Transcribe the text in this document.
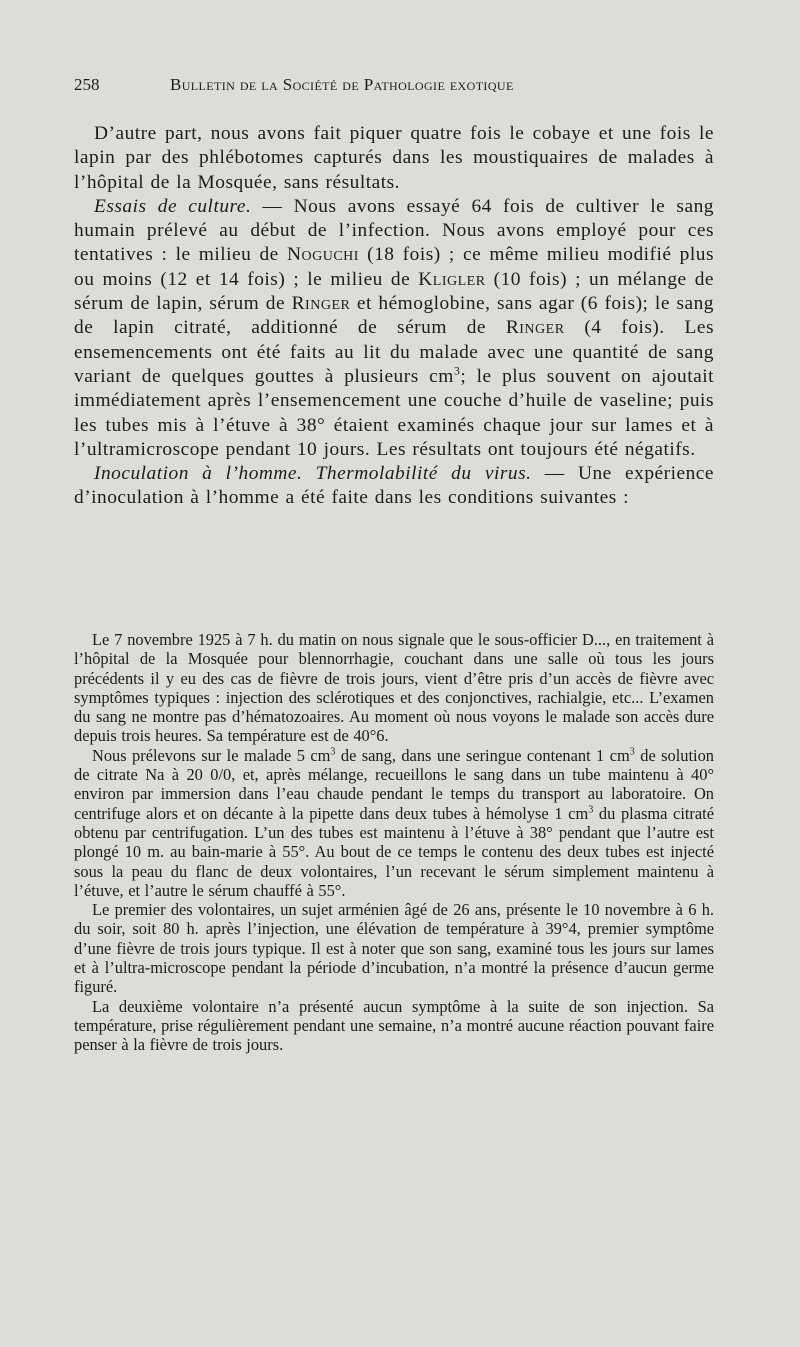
258	Bulletin de la Société de Pathologie exotique

D’autre part, nous avons fait piquer quatre fois le cobaye et une fois le lapin par des phlébotomes capturés dans les moustiquaires de malades à l’hôpital de la Mosquée, sans résultats.

Essais de culture. — Nous avons essayé 64 fois de cultiver le sang humain prélevé au début de l’infection. Nous avons employé pour ces tentatives : le milieu de Noguchi (18 fois) ; ce même milieu modifié plus ou moins (12 et 14 fois) ; le milieu de Kligler (10 fois) ; un mélange de sérum de lapin, sérum de Ringer et hémoglobine, sans agar (6 fois); le sang de lapin citraté, additionné de sérum de Ringer (4 fois). Les ensemencements ont été faits au lit du malade avec une quantité de sang variant de quelques gouttes à plusieurs $cm^3$; le plus souvent on ajoutait immédiatement après l’ensemencement une couche d’huile de vaseline; puis les tubes mis à l’étuve à 38° étaient examinés chaque jour sur lames et à l’ultramicroscope pendant 10 jours. Les résultats ont toujours été négatifs.

Inoculation à l’homme. Thermolabilité du virus. — Une expérience d’inoculation à l’homme a été faite dans les conditions suivantes :

Le 7 novembre 1925 à 7 h. du matin on nous signale que le sous-officier D..., en traitement à l’hôpital de la Mosquée pour blennorrhagie, couchant dans une salle où tous les jours précédents il y eu des cas de fièvre de trois jours, vient d’être pris d’un accès de fièvre avec symptômes typiques : injection des sclérotiques et des conjonctives, rachialgie, etc... L’examen du sang ne montre pas d’hématozoaires. Au moment où nous voyons le malade son accès dure depuis trois heures. Sa température est de 40°6.

Nous prélevons sur le malade 5 $cm^3$ de sang, dans une seringue contenant 1 $cm^3$ de solution de citrate Na à 20 0/0, et, après mélange, recueillons le sang dans un tube maintenu à 40° environ par immersion dans l’eau chaude pendant le temps du transport au laboratoire. On centrifuge alors et on décante à la pipette dans deux tubes à hémolyse 1 $cm^3$ du plasma citraté obtenu par centrifugation. L’un des tubes est maintenu à l’étuve à 38° pendant que l’autre est plongé 10 m. au bain-marie à 55°. Au bout de ce temps le contenu des deux tubes est injecté sous la peau du flanc de deux volontaires, l’un recevant le sérum simplement maintenu à l’étuve, et l’autre le sérum chauffé à 55°.

Le premier des volontaires, un sujet arménien âgé de 26 ans, présente le 10 novembre à 6 h. du soir, soit 80 h. après l’injection, une élévation de température à 39°4, premier symptôme d’une fièvre de trois jours typique. Il est à noter que son sang, examiné tous les jours sur lames et à l’ultra-microscope pendant la période d’incubation, n’a montré la présence d’aucun germe figuré.

La deuxième volontaire n’a présenté aucun symptôme à la suite de son injection. Sa température, prise régulièrement pendant une semaine, n’a montré aucune réaction pouvant faire penser à la fièvre de trois jours.
